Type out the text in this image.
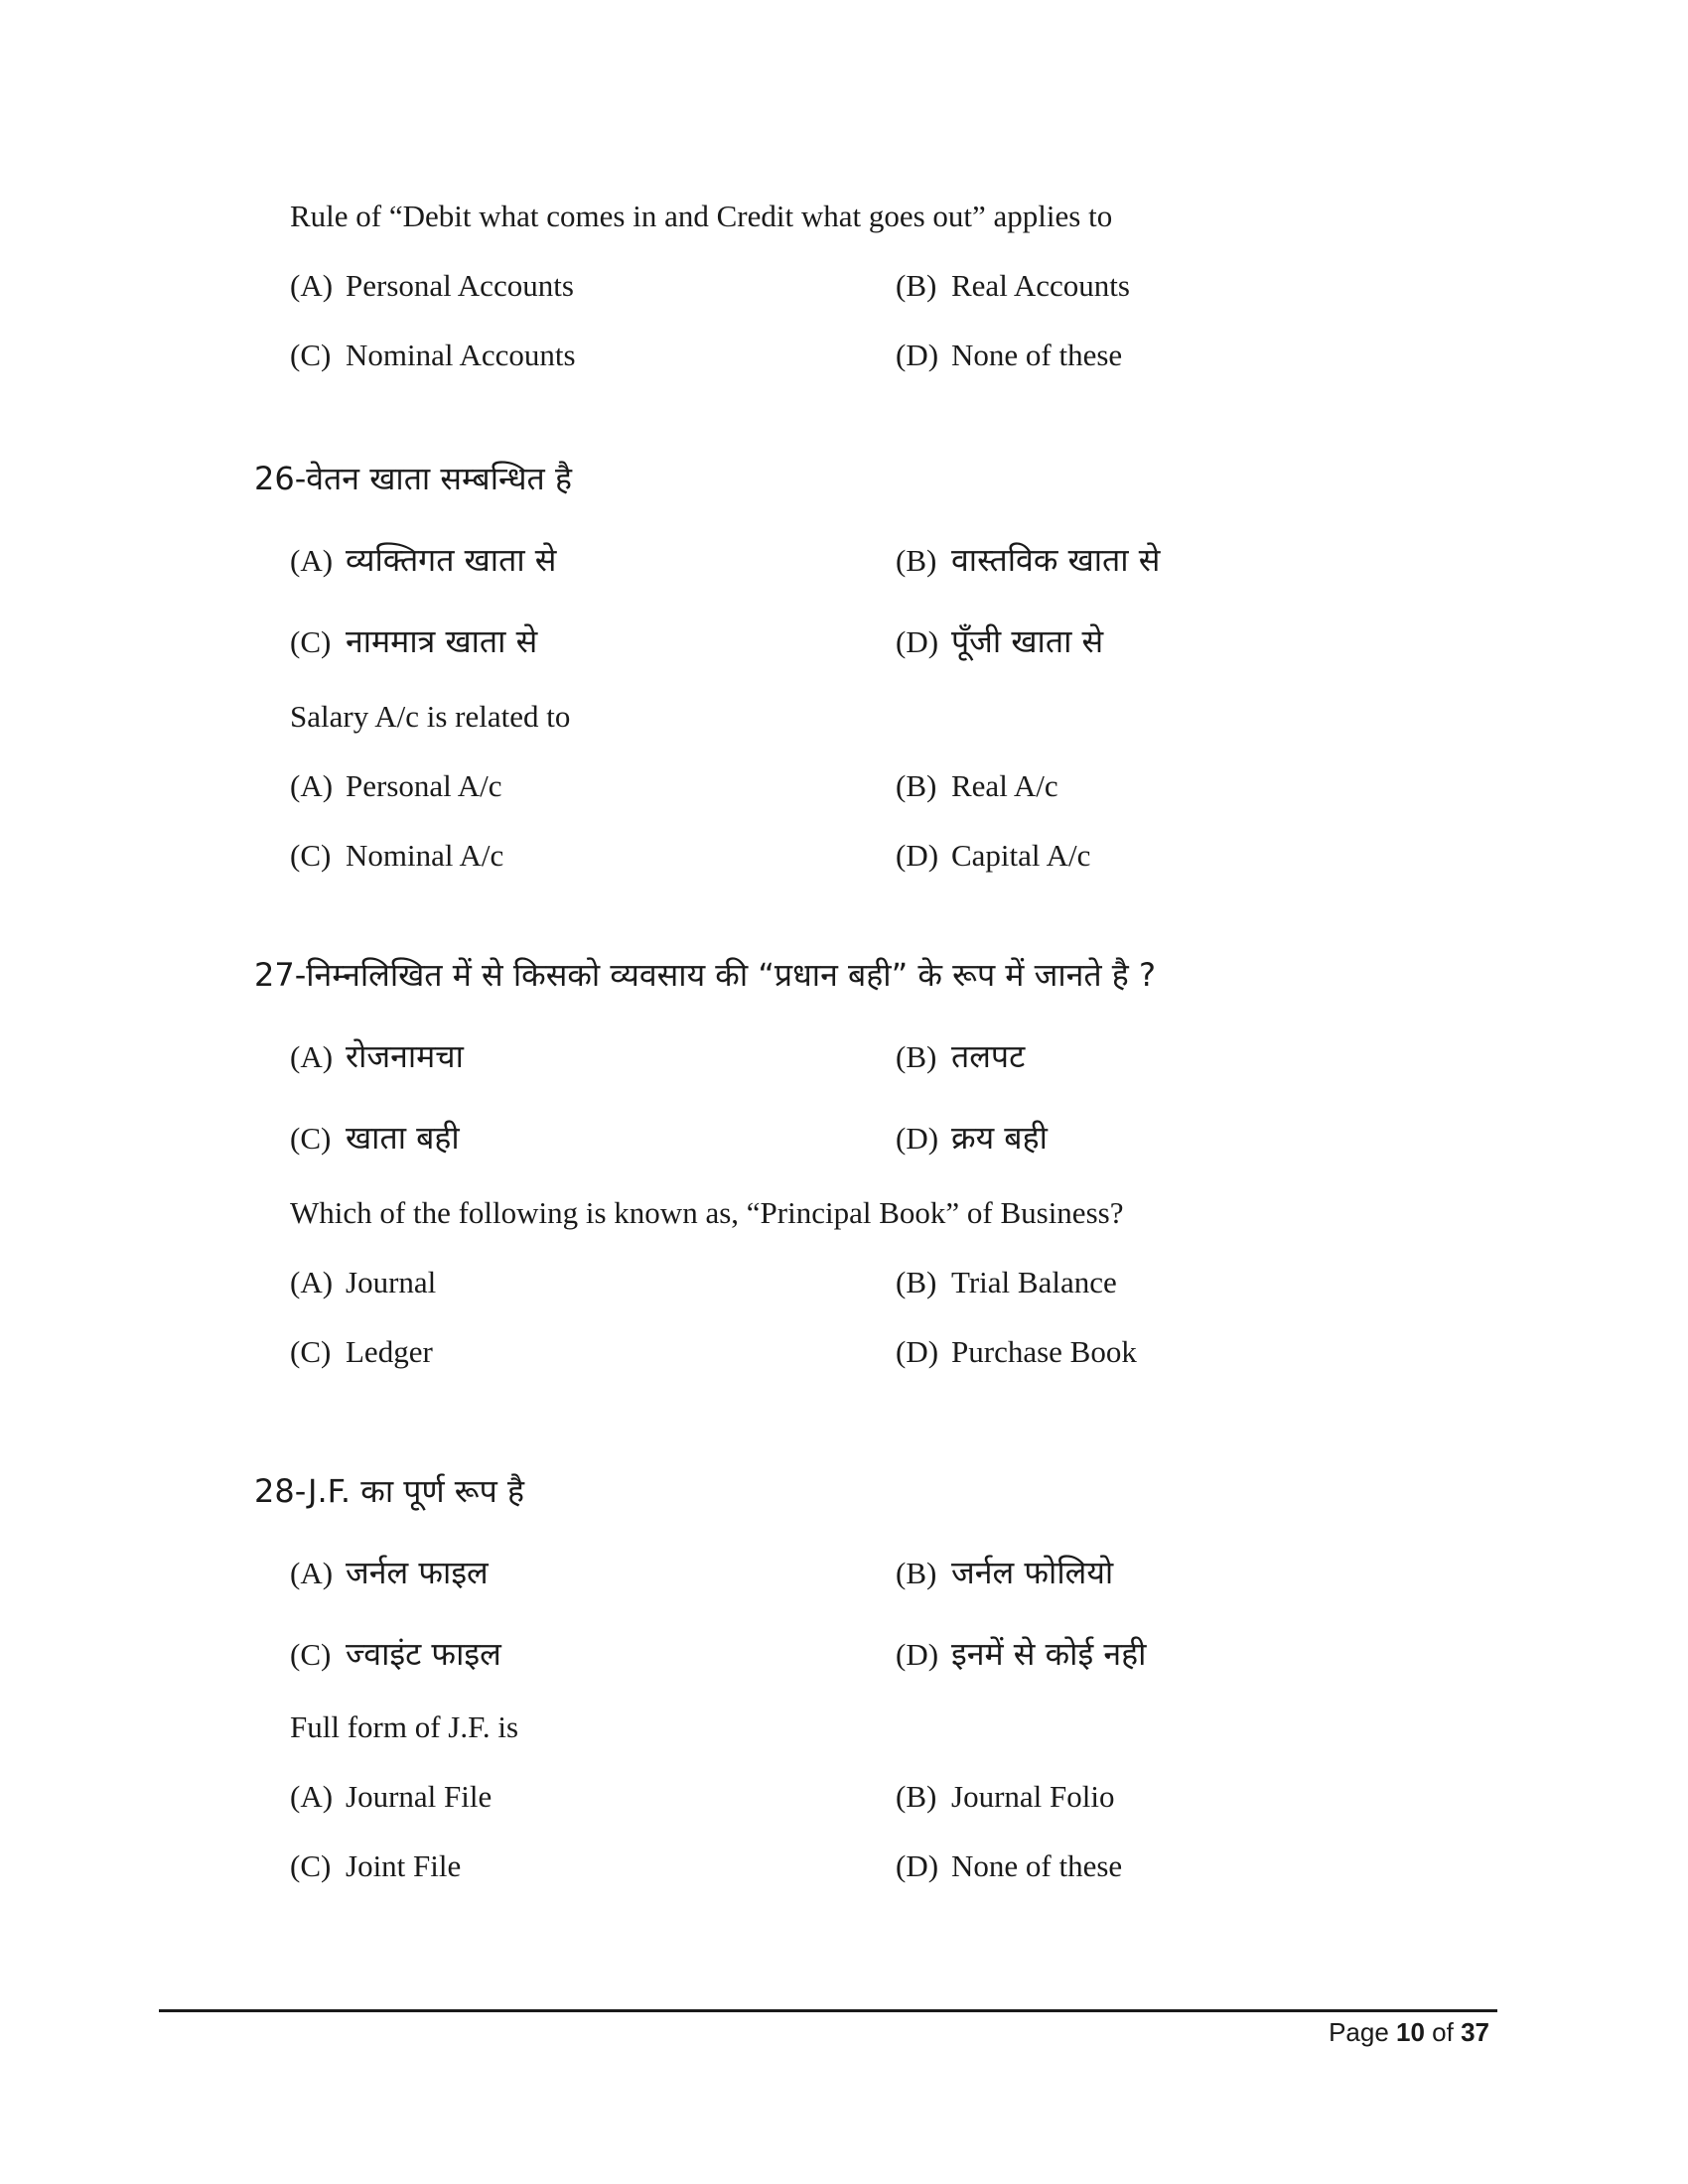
Rule of “Debit what comes in and Credit what goes out” applies to
(A) Personal Accounts	(B) Real Accounts
(C) Nominal Accounts	(D) None of these
26-वेतन खाता सम्बन्धित है
(A) व्यक्तिगत खाता से	(B) वास्तविक खाता से
(C) नाममात्र खाता से	(D) पूँजी खाता से
Salary A/c is related to
(A) Personal A/c	(B) Real A/c
(C) Nominal A/c	(D) Capital A/c
27-निम्नलिखित में से किसको व्यवसाय की “प्रधान बही” के रूप में जानते है ?
(A) रोजनामचा	(B) तलपट
(C) खाता बही	(D) क्रय बही
Which of the following is known as, “Principal Book” of Business?
(A) Journal	(B) Trial Balance
(C) Ledger	(D) Purchase Book
28-J.F. का पूर्ण रूप है
(A) जर्नल फाइल	(B) जर्नल फोलियो
(C) ज्वाइंट फाइल	(D) इनमें से कोई नही
Full form of J.F. is
(A) Journal File	(B) Journal Folio
(C) Joint File	(D) None of these
Page 10 of 37
